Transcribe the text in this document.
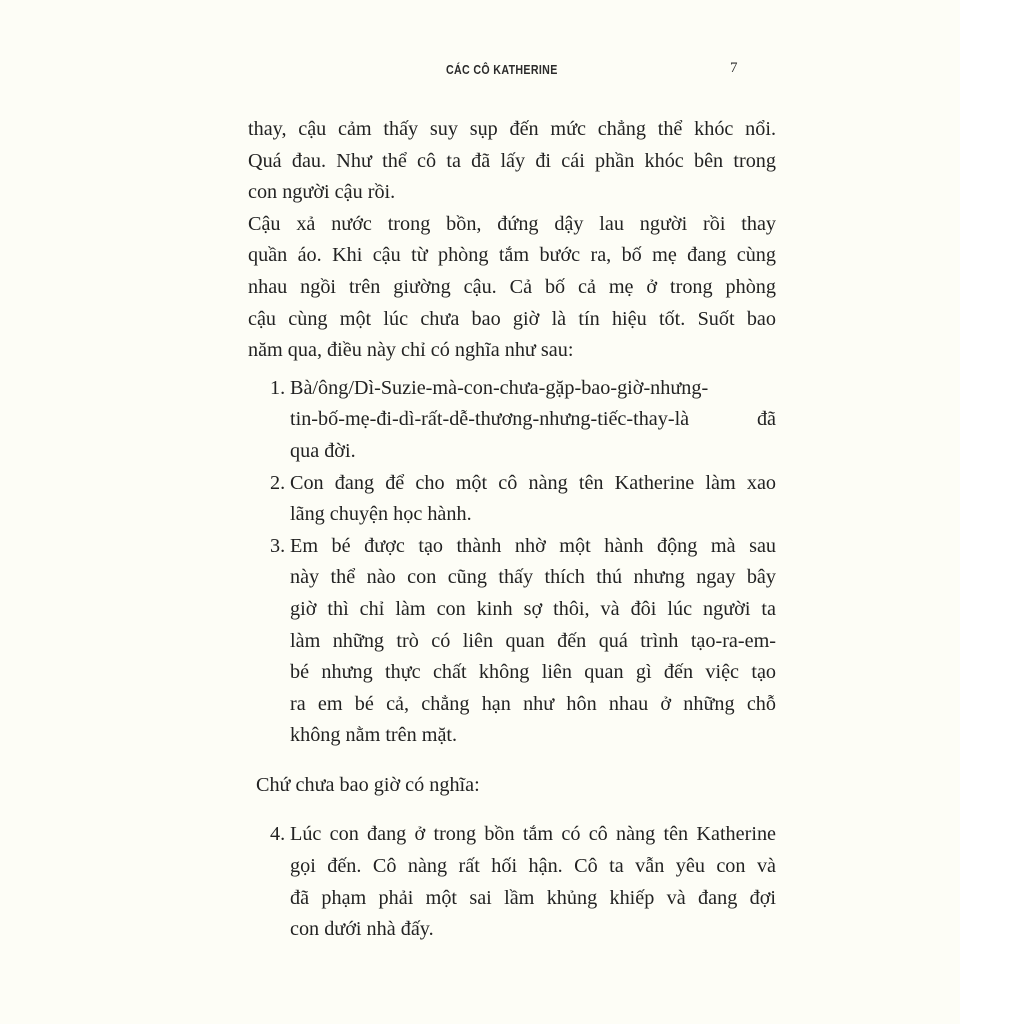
CÁC CÔ KATHERINE	7
thay, cậu cảm thấy suy sụp đến mức chẳng thể khóc nổi.
Quá đau. Như thể cô ta đã lấy đi cái phần khóc bên trong
con người cậu rồi.
Cậu xả nước trong bồn, đứng dậy lau người rồi thay
quần áo. Khi cậu từ phòng tắm bước ra, bố mẹ đang cùng
nhau ngồi trên giường cậu. Cả bố cả mẹ ở trong phòng
cậu cùng một lúc chưa bao giờ là tín hiệu tốt. Suốt bao
năm qua, điều này chỉ có nghĩa như sau:
1. Bà/ông/Dì-Suzie-mà-con-chưa-gặp-bao-giờ-nhưng-
tin-bố-mẹ-đi-dì-rất-dễ-thương-nhưng-tiếc-thay-là đã
qua đời.
2. Con đang để cho một cô nàng tên Katherine làm xao
lãng chuyện học hành.
3. Em bé được tạo thành nhờ một hành động mà sau
này thể nào con cũng thấy thích thú nhưng ngay bây
giờ thì chỉ làm con kinh sợ thôi, và đôi lúc người ta
làm những trò có liên quan đến quá trình tạo-ra-em-
bé nhưng thực chất không liên quan gì đến việc tạo
ra em bé cả, chẳng hạn như hôn nhau ở những chỗ
không nằm trên mặt.
Chứ chưa bao giờ có nghĩa:
4. Lúc con đang ở trong bồn tắm có cô nàng tên Katherine
gọi đến. Cô nàng rất hối hận. Cô ta vẫn yêu con và
đã phạm phải một sai lầm khủng khiếp và đang đợi
con dưới nhà đấy.
